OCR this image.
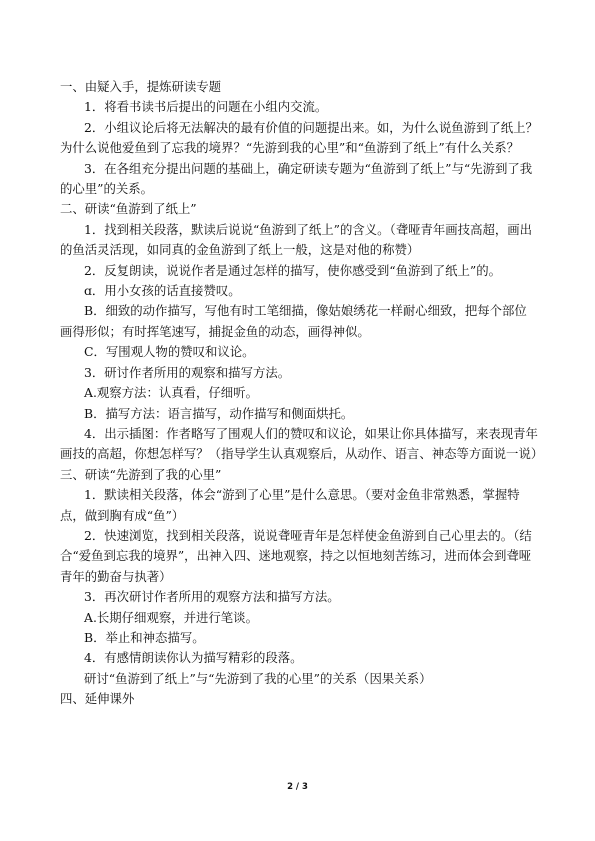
一、由疑入手，提炼研读专题

1．将看书读书后提出的问题在小组内交流。

2．小组议论后将无法解决的最有价值的问题提出来。如，为什么说鱼游到了纸上？为什么说他爱鱼到了忘我的境界？“先游到我的心里”和“鱼游到了纸上”有什么关系？

3．在各组充分提出问题的基础上，确定研读专题为“鱼游到了纸上”与“先游到了我的心里”的关系。

二、研读“鱼游到了纸上”

1．找到相关段落，默读后说说“鱼游到了纸上”的含义。（聋哑青年画技高超，画出的鱼活灵活现，如同真的金鱼游到了纸上一般，这是对他的称赞）

2．反复朗读，说说作者是通过怎样的描写，使你感受到“鱼游到了纸上”的。

ɑ．用小女孩的话直接赞叹。

B．细致的动作描写，写他有时工笔细描，像姑娘绣花一样耐心细致，把每个部位画得形似；有时挥笔速写，捕捉金鱼的动态，画得神似。

C．写围观人物的赞叹和议论。

3．研讨作者所用的观察和描写方法。

A.观察方法：认真看，仔细听。

B．描写方法：语言描写，动作描写和侧面烘托。

4．出示插图：作者略写了围观人们的赞叹和议论，如果让你具体描写，来表现青年画技的高超，你想怎样写？（指导学生认真观察后，从动作、语言、神态等方面说一说）

三、研读“先游到了我的心里”

1．默读相关段落，体会“游到了心里”是什么意思。（要对金鱼非常熟悉，掌握特点，做到胸有成“鱼”）

2．快速浏览，找到相关段落，说说聋哑青年是怎样使金鱼游到自己心里去的。（结合“爱鱼到忘我的境界”，出神入四、迷地观察，持之以恒地刻苦练习，进而体会到聋哑青年的勤奋与执著）

3．再次研讨作者所用的观察方法和描写方法。

A.长期仔细观察，并进行笔谈。

B．举止和神态描写。

4．有感情朗读你认为描写精彩的段落。

研讨“鱼游到了纸上”与“先游到了我的心里”的关系（因果关系）

四、延伸课外

2 / 3
